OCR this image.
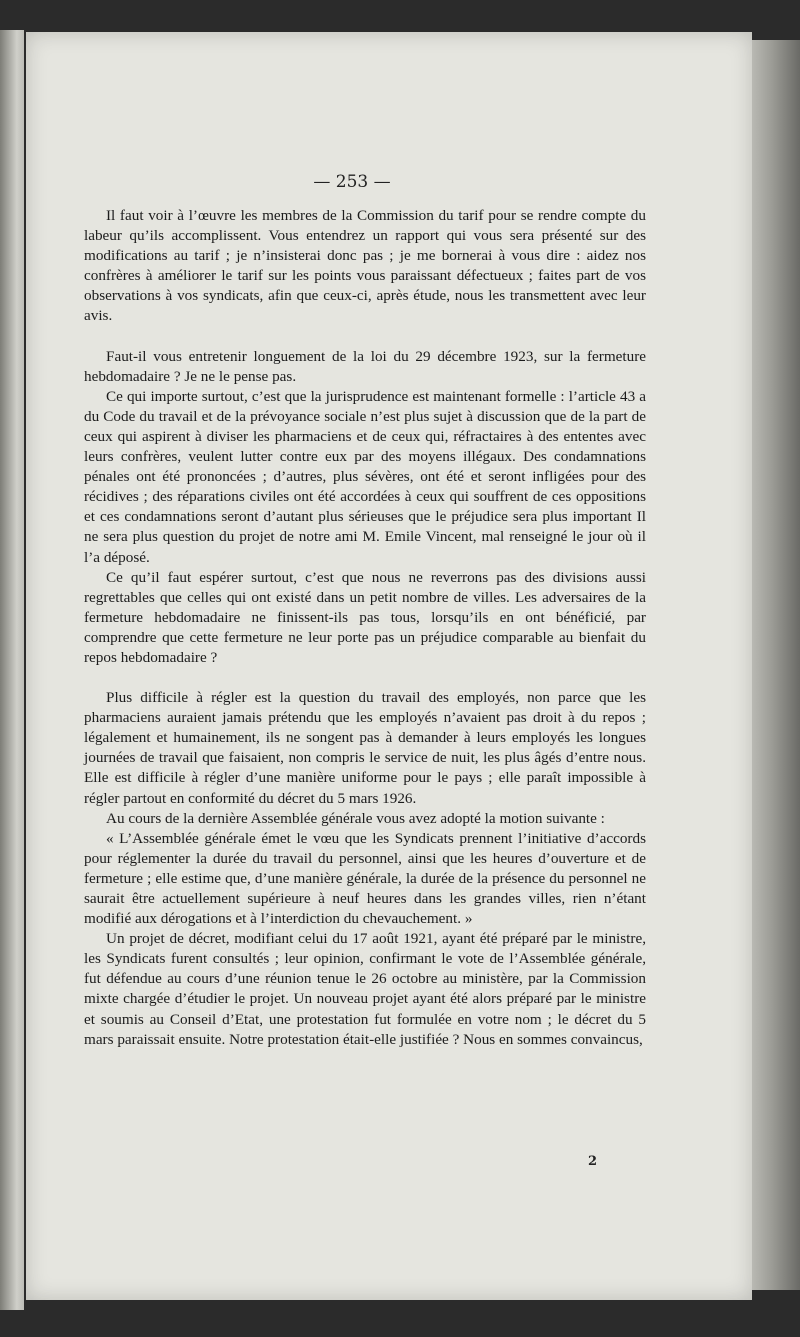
— 253 —

Il faut voir à l’œuvre les membres de la Commission du tarif pour se rendre compte du labeur qu’ils accomplissent. Vous entendrez un rapport qui vous sera présenté sur des modifications au tarif ; je n’insisterai donc pas ; je me bornerai à vous dire : aidez nos confrères à améliorer le tarif sur les points vous paraissant défectueux ; faites part de vos observations à vos syndicats, afin que ceux-ci, après étude, nous les transmettent avec leur avis.

Faut-il vous entretenir longuement de la loi du 29 décembre 1923, sur la fermeture hebdomadaire ? Je ne le pense pas.

Ce qui importe surtout, c’est que la jurisprudence est maintenant formelle : l’article 43 a du Code du travail et de la prévoyance sociale n’est plus sujet à discussion que de la part de ceux qui aspirent à diviser les pharmaciens et de ceux qui, réfractaires à des ententes avec leurs confrères, veulent lutter contre eux par des moyens illégaux. Des condamnations pénales ont été prononcées ; d’autres, plus sévères, ont été et seront infligées pour des récidives ; des réparations civiles ont été accordées à ceux qui souffrent de ces oppositions et ces condamnations seront d’autant plus sérieuses que le préjudice sera plus important Il ne sera plus question du projet de notre ami M. Emile Vincent, mal renseigné le jour où il l’a déposé.

Ce qu’il faut espérer surtout, c’est que nous ne reverrons pas des divisions aussi regrettables que celles qui ont existé dans un petit nombre de villes. Les adversaires de la fermeture hebdomadaire ne finissent-ils pas tous, lorsqu’ils en ont bénéficié, par comprendre que cette fermeture ne leur porte pas un préjudice comparable au bienfait du repos hebdomadaire ?

Plus difficile à régler est la question du travail des employés, non parce que les pharmaciens auraient jamais prétendu que les employés n’avaient pas droit à du repos ; légalement et humainement, ils ne songent pas à demander à leurs employés les longues journées de travail que faisaient, non compris le service de nuit, les plus âgés d’entre nous. Elle est difficile à régler d’une manière uniforme pour le pays ; elle paraît impossible à régler partout en conformité du décret du 5 mars 1926.

Au cours de la dernière Assemblée générale vous avez adopté la motion suivante :

« L’Assemblée générale émet le vœu que les Syndicats prennent l’initiative d’accords pour réglementer la durée du travail du personnel, ainsi que les heures d’ouverture et de fermeture ; elle estime que, d’une manière générale, la durée de la présence du personnel ne saurait être actuellement supérieure à neuf heures dans les grandes villes, rien n’étant modifié aux dérogations et à l’interdiction du chevauchement. »

Un projet de décret, modifiant celui du 17 août 1921, ayant été préparé par le ministre, les Syndicats furent consultés ; leur opinion, confirmant le vote de l’Assemblée générale, fut défendue au cours d’une réunion tenue le 26 octobre au ministère, par la Commission mixte chargée d’étudier le projet. Un nouveau projet ayant été alors préparé par le ministre et soumis au Conseil d’Etat, une protestation fut formulée en votre nom ; le décret du 5 mars paraissait ensuite. Notre protestation était-elle justifiée ? Nous en sommes convaincus,

2
